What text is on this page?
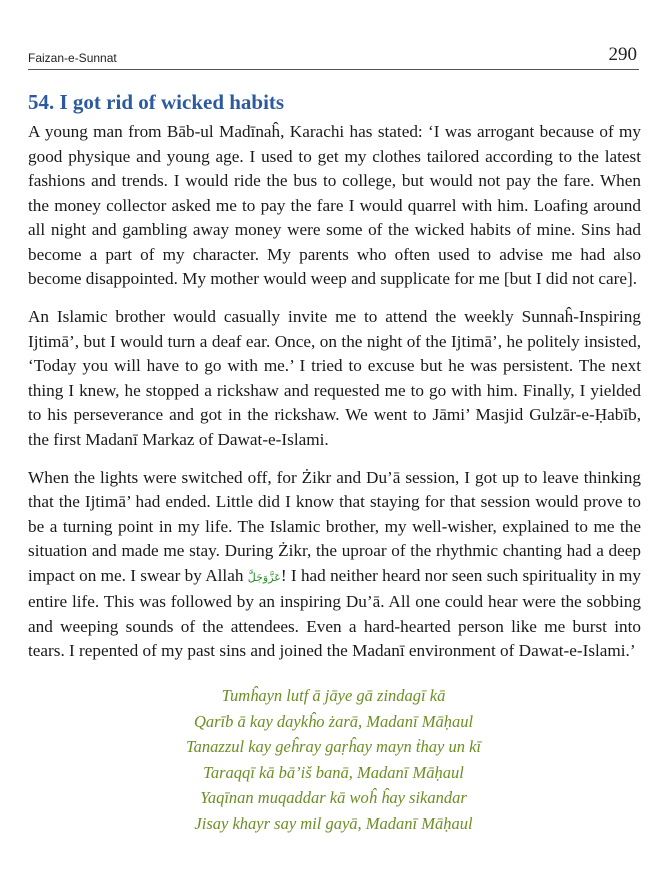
Faizan-e-Sunnat	290
54. I got rid of wicked habits

A young man from Bāb-ul Madīnaĥ, Karachi has stated: ‘I was arrogant because of my good physique and young age. I used to get my clothes tailored according to the latest fashions and trends. I would ride the bus to college, but would not pay the fare. When the money collector asked me to pay the fare I would quarrel with him. Loafing around all night and gambling away money were some of the wicked habits of mine. Sins had become a part of my character. My parents who often used to advise me had also become disappointed. My mother would weep and supplicate for me [but I did not care].

An Islamic brother would casually invite me to attend the weekly Sunnaĥ-Inspiring Ijtimā’, but I would turn a deaf ear. Once, on the night of the Ijtimā’, he politely insisted, ‘Today you will have to go with me.’ I tried to excuse but he was persistent. The next thing I knew, he stopped a rickshaw and requested me to go with him. Finally, I yielded to his perseverance and got in the rickshaw. We went to Jāmi’ Masjid Gulzār-e-Ḥabīb, the first Madanī Markaz of Dawat-e-Islami.

When the lights were switched off, for Żikr and Du’ā session, I got up to leave thinking that the Ijtimā’ had ended. Little did I know that staying for that session would prove to be a turning point in my life. The Islamic brother, my well-wisher, explained to me the situation and made me stay. During Żikr, the uproar of the rhythmic chanting had a deep impact on me. I swear by Allah عَزَّوَجَلَّ! I had neither heard nor seen such spirituality in my entire life. This was followed by an inspiring Du’ā. All one could hear were the sobbing and weeping sounds of the attendees. Even a hard-hearted person like me burst into tears. I repented of my past sins and joined the Madanī environment of Dawat-e-Islami.’

Tumĥayn lutf ā jāye gā zindagī kā
Qarīb ā kay daykĥo żarā, Madanī Māḥaul
Tanazzul kay geĥray gaṛĥay mayn ṫhay un kī
Taraqqī kā bā’iš banā, Madanī Māḥaul
Yaqīnan muqaddar kā woĥ ĥay sikandar
Jisay khayr say mil gayā, Madanī Māḥaul
